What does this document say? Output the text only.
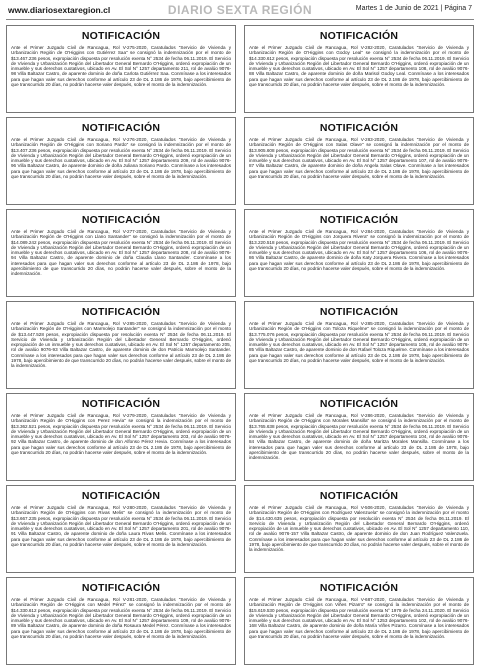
www.diariosextaregion.cl	DIARIO SEXTA REGIÓN	Martes 1 de Junio de 2021 | Página 7
NOTIFICACIÓN

Ante el Primer Juzgado Civil de Rancagua, Rol V-275-2020, Caratulados "Servicio de Vivienda y Urbanización Región de O'Higgins con Gutiérrez Saa" se consignó la indemnización por el monto de $13.467.236 pesos, expropiación dispuesta por resolución exenta N° 2534 de fecha 06.11.2019. El Servicio de Vivienda y Urbanización Región del Libertador General Bernardo O'Higgins, ordenó expropiación de un inmueble y sus derechos cuotativos, ubicado en Av. El Sol N° 1257 departamento 211, rol de avalúo 9076-98 Villa Baltazar Castro, de aparente dominio de doña Carlota Gutiérrez Saa. Conmínase a los interesados para que hagan valer sus derechos conforme al artículo 23 de DL 2.186 de 1978, bajo apercibimiento de que transcurrido 20 días, no podrán hacerse valer después, sobre el monto de la indemnización.

NOTIFICACIÓN

Ante el Primer Juzgado Civil de Rancagua, Rol V-282-2020, Caratulados "Servicio de Vivienda y Urbanización Región de O'Higgins con Godoy Leal" se consignó la indemnización por el monto de $14.330.612 pesos, expropiación dispuesta por resolución exenta N° 2534 de fecha 06.11.2019. El Servicio de Vivienda y Urbanización Región del Libertador General Bernardo O'Higgins, ordenó expropiación de un inmueble y sus derechos cuotativos, ubicado en Av. El Sol N° 1257 departamento 108, rol de avalúo 9076-88 Villa Baltazar Castro, de aparente dominio de doña Marisol Godoy Leal. Conmínase a los interesados para que hagan valer sus derechos conforme al artículo 23 de DL 2.186 de 1978, bajo apercibimiento de que transcurrido 20 días, no podrán hacerse valer después, sobre el monto de la indemnización.

NOTIFICACIÓN

Ante el Primer Juzgado Civil de Rancagua, Rol V-276-2020, Caratulados "Servicio de Vivienda y Urbanización Región de O'Higgins con Soriano Pardo" se consignó la indemnización por el monto de $13.407.236 pesos, expropiación dispuesta por resolución exenta N° 2534 de fecha 06.11.2019. El Servicio de Vivienda y Urbanización Región del Libertador General Bernardo O'Higgins, ordenó expropiación de un inmueble y sus derechos cuotativos, ubicado en Av. El Sol N° 1257 departamento 209, rol de avalúo 9076-96 Villa Baltazar Castro, de aparente dominio de doña Juliana Soriano Pardo. Conmínase a los interesados para que hagan valer sus derechos conforme al artículo 23 de DL 2.186 de 1978, bajo apercibimiento de que transcurrido 20 días, no podrán hacerse valer después, sobre el monto de la indemnización.

NOTIFICACIÓN

Ante el Primer Juzgado Civil de Rancagua, Rol V-283-2020, Caratulados "Servicio de Vivienda y Urbanización Región de O'Higgins con Salas Olave" se consignó la indemnización por el monto de $13.905.608 pesos, expropiación dispuesta por resolución exenta N° 2534 de fecha 06.11.2019. El Servicio de Vivienda y Urbanización Región del Libertador General Bernardo O'Higgins, ordenó expropiación de un inmueble y sus derechos cuotativos, ubicado en Av. El Sol N° 1257 departamento 107, rol de avalúo 9076-87 Villa Baltazar Castro, de aparente dominio de doña Angela Salas Olave. Conmínase a los interesados para que hagan valer sus derechos conforme al artículo 23 de DL 2.186 de 1978, bajo apercibimiento de que transcurrido 20 días, no podrán hacerse valer después, sobre el monto de la indemnización.

NOTIFICACIÓN

Ante el Primer Juzgado Civil de Rancagua, Rol V-277-2020, Caratulados "Servicio de Vivienda y Urbanización Región de O'Higgins con Llano Santander" se consignó la indemnización por el monto de $14.089.242 pesos, expropiación dispuesta por resolución exenta N° 2534 de fecha 06.11.2019. El Servicio de Vivienda y Urbanización Región del Libertador General Bernardo O'Higgins, ordenó expropiación de un inmueble y sus derechos cuotativos, ubicado en Av. El Sol N° 1257 departamento 208, rol de avalúo 9076-94 Villa Baltazar Castro, de aparente dominio de doña Claudia Llano Santander. Conmínase a los interesados para que hagan valer sus derechos conforme al artículo 23 de DL 2.186 de 1978, bajo apercibimiento de que transcurrido 20 días, no podrán hacerse valer después, sobre el monto de la indemnización.

NOTIFICACIÓN

Ante el Primer Juzgado Civil de Rancagua, Rol V-284-2020, Caratulados "Servicio de Vivienda y Urbanización Región de O'Higgins con Jorquera Rivera" se consignó la indemnización por el monto de $13.220.518 pesos, expropiación dispuesta por resolución exenta N° 2534 de fecha 06.11.2019. El Servicio de Vivienda y Urbanización Región del Libertador General Bernardo O'Higgins, ordenó expropiación de un inmueble y sus derechos cuotativos, ubicado en Av. El Sol N° 1257 departamento 106, rol de avalúo 9076-86 Villa Baltazar Castro, de aparente dominio de doña Katy Jorquera Rivera. Conmínase a los interesados para que hagan valer sus derechos conforme al artículo 23 de DL 2.186 de 1978, bajo apercibimiento de que transcurrido 20 días, no podrán hacerse valer después, sobre el monto de la indemnización.

NOTIFICACIÓN

Ante el Primer Juzgado Civil de Rancagua, Rol V-285-2020, Caratulados "Servicio de Vivienda y Urbanización Región de O'Higgins con Marmolejo Santander" se consignó la indemnización por el monto de $13.447.528 pesos, expropiación dispuesta por resolución exenta N° 2534 de fecha 06.11.2019. El Servicio de Vivienda y Urbanización Región del Libertador General Bernardo O'Higgins, ordenó expropiación de un inmueble y sus derechos cuotativos, ubicado en Av. El Sol N° 1257 departamento 205, rol de avalúo 9076-93 Villa Baltazar Castro, de aparente dominio de don Patricio Marmolejo Santander. Conmínase a los interesados para que hagan valer sus derechos conforme al artículo 23 de DL 2.186 de 1978, bajo apercibimiento de que transcurrido 20 días, no podrán hacerse valer después, sobre el monto de la indemnización.

NOTIFICACIÓN

Ante el Primer Juzgado Civil de Rancagua, Rol V-285-2020, Caratulados "Servicio de Vivienda y Urbanización Región de O'Higgins con Toloza Riquelme" se consignó la indemnización por el monto de $13.775.076 pesos, expropiación dispuesta por resolución exenta N° 2534 de fecha 06.11.2019. El Servicio de Vivienda y Urbanización Región del Libertador General Bernardo O'Higgins, ordenó expropiación de un inmueble y sus derechos cuotativos, ubicado en Av. El Sol N° 1257 departamento 105, rol de avalúo 9076-85 Villa Baltazar Castro, de aparente dominio de don Rafael Toloza Riquelme. Conmínase a los interesados para que hagan valer sus derechos conforme al artículo 23 de DL 2.186 de 1978, bajo apercibimiento de que transcurrido 20 días, no podrán hacerse valer después, sobre el monto de la indemnización.

NOTIFICACIÓN

Ante el Primer Juzgado Civil de Rancagua, Rol V-279-2020, Caratulados "Servicio de Vivienda y Urbanización Región de O'Higgins con Perez Hevia" se consignó la indemnización por el monto de $13.362.521 pesos, expropiación dispuesta por resolución exenta N° 2534 de fecha 06.11.2019. El Servicio de Vivienda y Urbanización Región del Libertador General Bernardo O'Higgins, ordenó expropiación de un inmueble y sus derechos cuotativos, ubicado en Av. El Sol N° 1257 departamento 203, rol de avalúo 9076-92 Villa Baltazar Castro, de aparente dominio de don Alfonso Pérez Hevia. Conmínase a los interesados para que hagan valer sus derechos conforme al artículo 23 de DL 2.186 de 1978, bajo apercibimiento de que transcurrido 20 días, no podrán hacerse valer después, sobre el monto de la indemnización.

NOTIFICACIÓN

Ante el Primer Juzgado Civil de Rancagua, Rol V-286-2020, Caratulados "Servicio de Vivienda y Urbanización Región de O'Higgins con Morales Mansilla" se consignó la indemnización por el monto de $13.765.638 pesos, expropiación dispuesta por resolución exenta N° 2534 de fecha 06.11.2019. El Servicio de Vivienda y Urbanización Región del Libertador General Bernardo O'Higgins, ordenó expropiación de un inmueble y sus derechos cuotativos, ubicado en Av. El Sol N° 1257 departamento 104, rol de avalúo 9076-84 Villa Baltazar Castro, de aparente dominio de doña Maritza Morales Mansilla. Conmínase a los interesados para que hagan valer sus derechos conforme al artículo 23 de DL 2.186 de 1978, bajo apercibimiento de que transcurrido 20 días, no podrán hacerse valer después, sobre el monto de la indemnización.

NOTIFICACIÓN

Ante el Primer Juzgado Civil de Rancagua, Rol V-280-2020, Caratulados "Servicio de Vivienda y Urbanización Región de O'Higgins con Rivas Melis" se consignó la indemnización por el monto de $13.667.235 pesos, expropiación dispuesta por resolución exenta N° 2534 de fecha 06.11.2019. El Servicio de Vivienda y Urbanización Región del Libertador General Bernardo O'Higgins, ordenó expropiación de un inmueble y sus derechos cuotativos, ubicado en Av. El Sol N° 1257 departamento 201, rol de avalúo 9076-91 Villa Baltazar Castro, de aparente dominio de doña Laura Rivas Melis. Conmínase a los interesados para que hagan valer sus derechos conforme al artículo 23 de DL 2.186 de 1978, bajo apercibimiento de que transcurrido 20 días, no podrán hacerse valer después, sobre el monto de la indemnización.

NOTIFICACIÓN

Ante el Primer Juzgado Civil de Rancagua, Rol V-506-2020, Caratulados "Servicio de Vivienda y Urbanización Región de O'Higgins con Rodríguez Valenzuela" se consignó la indemnización por el monto de $14.430.635 pesos, expropiación dispuesta por resolución exenta N° 2534 de fecha 06.11.2019. El Servicio de Vivienda y Urbanización Región del Libertador General Bernardo O'Higgins, ordenó expropiación de un inmueble y sus derechos cuotativos, ubicado en Av. El Sol N° 1257 departamento 110, rol de avalúo 9076-157 Villa Baltazar Castro, de aparente dominio de don Juan Rodríguez Valenzuela. Conmínase a los interesados para que hagan valer sus derechos conforme al artículo 23 de DL 2.186 de 1978, bajo apercibimiento de que transcurrido 20 días, no podrán hacerse valer después, sobre el monto de la indemnización.

NOTIFICACIÓN

Ante el Primer Juzgado Civil de Rancagua, Rol V-281-2020, Caratulados "Servicio de Vivienda y Urbanización Región de O'Higgins con Medel Pérez" se consignó la indemnización por el monto de $14.330.612 pesos, expropiación dispuesta por resolución exenta N° 2534 de fecha 06.11.2019. El Servicio de Vivienda y Urbanización Región del Libertador General Bernardo O'Higgins, ordenó expropiación de un inmueble y sus derechos cuotativos, ubicado en Av. El Sol N° 1257 departamento 109, rol de avalúo 9076-89 Villa Baltazar Castro, de aparente dominio de doña Rosaura Medel Pérez. Conmínase a los interesados para que hagan valer sus derechos conforme al artículo 23 de DL 2.186 de 1978, bajo apercibimiento de que transcurrido 20 días, no podrán hacerse valer después, sobre el monto de la indemnización.

NOTIFICACIÓN

Ante el Primer Juzgado Civil de Rancagua, Rol V-687-2020, Caratulados "Servicio de Vivienda y Urbanización Región de O'Higgins con Viñes Pizarro" se consignó la indemnización por el monto de $15.619.530 pesos, expropiación dispuesta por resolución exenta N° 1979 de fecha 24.11.2020. El Servicio de Vivienda y Urbanización Región del Libertador General Bernardo O'Higgins, ordenó expropiación de un inmueble y sus derechos cuotativos, ubicado en Av. El Sol N° 1253 departamento 102, rol de avalúo 9076-168 Villa Baltazar Castro, de aparente dominio de doña María Viñes Pizarro. Conmínase a los interesados para que hagan valer sus derechos conforme al artículo 23 de DL 2.186 de 1978, bajo apercibimiento de que transcurrido 20 días, no podrán hacerse valer después, sobre el monto de la indemnización.
